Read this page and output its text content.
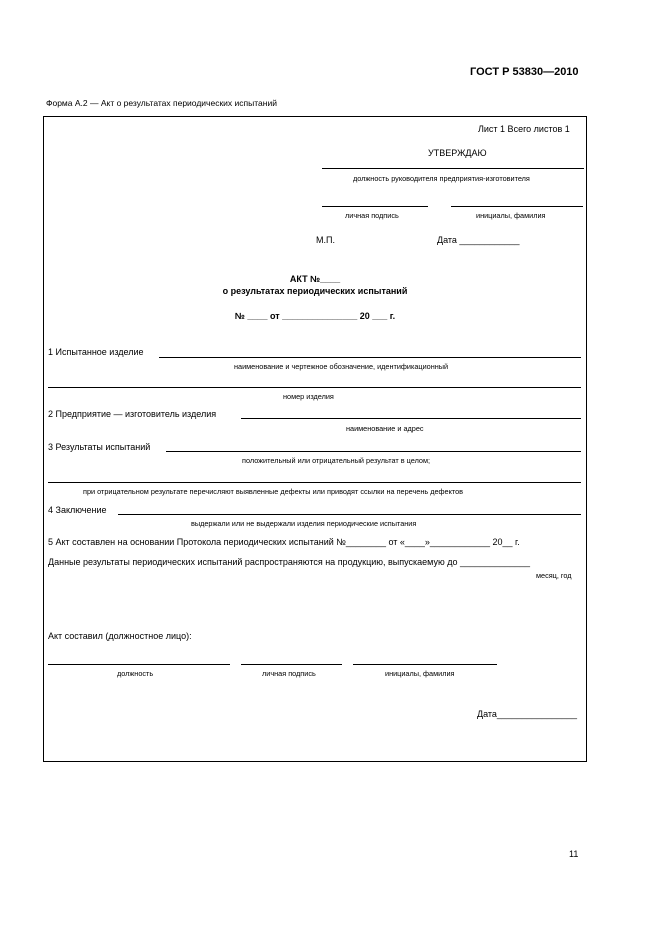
ГОСТ Р 53830—2010
Форма А.2 — Акт о результатах периодических испытаний
Лист 1 Всего листов 1
УТВЕРЖДАЮ
должность руководителя предприятия-изготовителя
личная подпись	инициалы, фамилия
М.П.	Дата ____________
АКТ №____
о результатах периодических испытаний
№ ____ от _______________ 20 ___ г.
1 Испытанное изделие
наименование и чертежное обозначение, идентификационный
номер изделия
2 Предприятие — изготовитель изделия
наименование и адрес
3 Результаты испытаний
положительный или отрицательный результат в целом;
при отрицательном результате перечисляют выявленные дефекты или приводят ссылки на перечень дефектов
4 Заключение
выдержали или не выдержали изделия периодические испытания
5 Акт составлен на основании Протокола периодических испытаний №________ от «____»____________ 20__ г.
Данные результаты периодических испытаний распространяются на продукцию, выпускаемую до ______________
месяц, год
Акт составил (должностное лицо):
должность	личная подпись	инициалы, фамилия
Дата________________
11
